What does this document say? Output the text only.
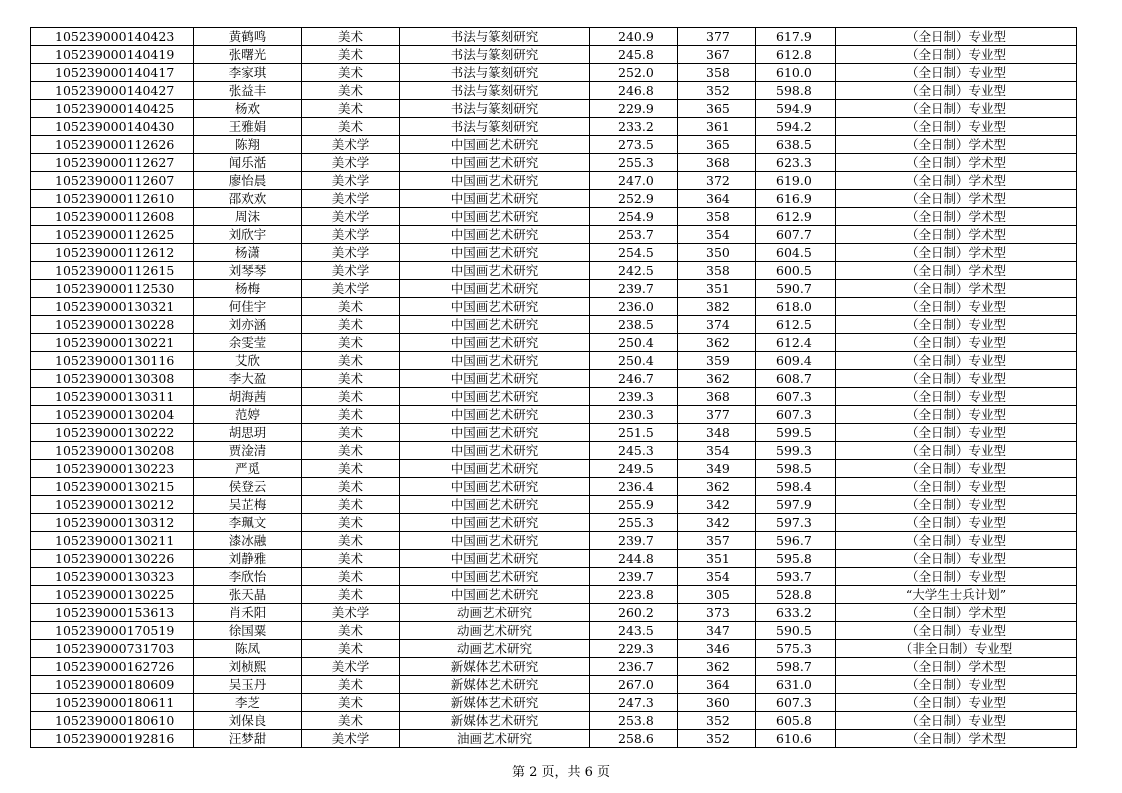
105239000140423	黄鹤鸣	美术	书法与篆刻研究	240.9	377	617.9	（全日制）专业型
105239000140419	张曙光	美术	书法与篆刻研究	245.8	367	612.8	（全日制）专业型
105239000140417	李家琪	美术	书法与篆刻研究	252.0	358	610.0	（全日制）专业型
105239000140427	张益丰	美术	书法与篆刻研究	246.8	352	598.8	（全日制）专业型
105239000140425	杨欢	美术	书法与篆刻研究	229.9	365	594.9	（全日制）专业型
105239000140430	王雅娟	美术	书法与篆刻研究	233.2	361	594.2	（全日制）专业型
105239000112626	陈翔	美术学	中国画艺术研究	273.5	365	638.5	（全日制）学术型
105239000112627	闻乐湉	美术学	中国画艺术研究	255.3	368	623.3	（全日制）学术型
105239000112607	廖怡晨	美术学	中国画艺术研究	247.0	372	619.0	（全日制）学术型
105239000112610	邵欢欢	美术学	中国画艺术研究	252.9	364	616.9	（全日制）学术型
105239000112608	周沫	美术学	中国画艺术研究	254.9	358	612.9	（全日制）学术型
105239000112625	刘欣宇	美术学	中国画艺术研究	253.7	354	607.7	（全日制）学术型
105239000112612	杨潇	美术学	中国画艺术研究	254.5	350	604.5	（全日制）学术型
105239000112615	刘琴琴	美术学	中国画艺术研究	242.5	358	600.5	（全日制）学术型
105239000112530	杨梅	美术学	中国画艺术研究	239.7	351	590.7	（全日制）学术型
105239000130321	何佳宇	美术	中国画艺术研究	236.0	382	618.0	（全日制）专业型
105239000130228	刘亦涵	美术	中国画艺术研究	238.5	374	612.5	（全日制）专业型
105239000130221	余雯莹	美术	中国画艺术研究	250.4	362	612.4	（全日制）专业型
105239000130116	艾欣	美术	中国画艺术研究	250.4	359	609.4	（全日制）专业型
105239000130308	李大盈	美术	中国画艺术研究	246.7	362	608.7	（全日制）专业型
105239000130311	胡海茜	美术	中国画艺术研究	239.3	368	607.3	（全日制）专业型
105239000130204	范婷	美术	中国画艺术研究	230.3	377	607.3	（全日制）专业型
105239000130222	胡思玥	美术	中国画艺术研究	251.5	348	599.5	（全日制）专业型
105239000130208	贾淦清	美术	中国画艺术研究	245.3	354	599.3	（全日制）专业型
105239000130223	严觅	美术	中国画艺术研究	249.5	349	598.5	（全日制）专业型
105239000130215	侯登云	美术	中国画艺术研究	236.4	362	598.4	（全日制）专业型
105239000130212	吴芷梅	美术	中国画艺术研究	255.9	342	597.9	（全日制）专业型
105239000130312	李珮文	美术	中国画艺术研究	255.3	342	597.3	（全日制）专业型
105239000130211	漆冰融	美术	中国画艺术研究	239.7	357	596.7	（全日制）专业型
105239000130226	刘静雅	美术	中国画艺术研究	244.8	351	595.8	（全日制）专业型
105239000130323	李欣怡	美术	中国画艺术研究	239.7	354	593.7	（全日制）专业型
105239000130225	张天晶	美术	中国画艺术研究	223.8	305	528.8	“大学生士兵计划”
105239000153613	肖禾阳	美术学	动画艺术研究	260.2	373	633.2	（全日制）学术型
105239000170519	徐国粟	美术	动画艺术研究	243.5	347	590.5	（全日制）专业型
105239000731703	陈凤	美术	动画艺术研究	229.3	346	575.3	（非全日制）专业型
105239000162726	刘桢熙	美术学	新媒体艺术研究	236.7	362	598.7	（全日制）学术型
105239000180609	吴玉丹	美术	新媒体艺术研究	267.0	364	631.0	（全日制）专业型
105239000180611	李芝	美术	新媒体艺术研究	247.3	360	607.3	（全日制）专业型
105239000180610	刘保良	美术	新媒体艺术研究	253.8	352	605.8	（全日制）专业型
105239000192816	汪梦甜	美术学	油画艺术研究	258.6	352	610.6	（全日制）学术型
第 2 页，共 6 页
